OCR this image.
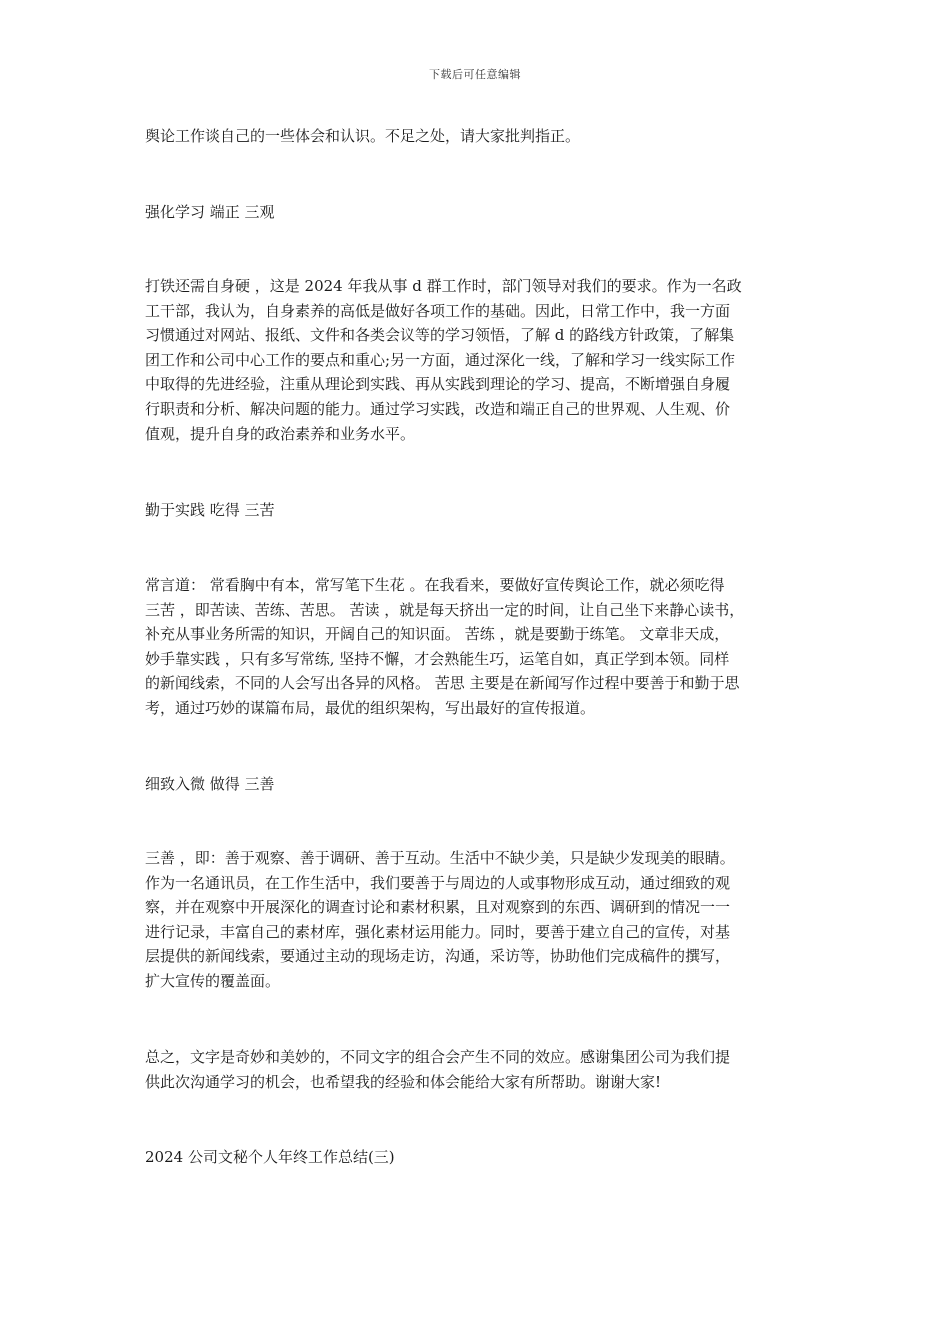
下载后可任意编辑
舆论工作谈自己的一些体会和认识。不足之处，请大家批判指正。
强化学习 端正 三观
打铁还需自身硬 ，这是 2024 年我从事 d 群工作时，部门领导对我们的要求。作为一名政
工干部，我认为，自身素养的高低是做好各项工作的基础。因此，日常工作中，我一方面
习惯通过对网站、报纸、文件和各类会议等的学习领悟，了解 d 的路线方针政策，了解集
团工作和公司中心工作的要点和重心;另一方面，通过深化一线，了解和学习一线实际工作
中取得的先进经验，注重从理论到实践、再从实践到理论的学习、提高，不断增强自身履
行职责和分析、解决问题的能力。通过学习实践，改造和端正自己的世界观、人生观、价
值观，提升自身的政治素养和业务水平。
勤于实践 吃得 三苦
常言道： 常看胸中有本，常写笔下生花 。在我看来，要做好宣传舆论工作，就必须吃得
三苦 ，即苦读、苦练、苦思。 苦读 ，就是每天挤出一定的时间，让自己坐下来静心读书，
补充从事业务所需的知识，开阔自己的知识面。 苦练 ，就是要勤于练笔。 文章非天成，
妙手靠实践 ，只有多写常练, 坚持不懈，才会熟能生巧，运笔自如，真正学到本领。同样
的新闻线索，不同的人会写出各异的风格。 苦思 主要是在新闻写作过程中要善于和勤于思
考，通过巧妙的谋篇布局，最优的组织架构，写出最好的宣传报道。
细致入微 做得 三善
三善 ，即：善于观察、善于调研、善于互动。生活中不缺少美，只是缺少发现美的眼睛。
作为一名通讯员，在工作生活中，我们要善于与周边的人或事物形成互动，通过细致的观
察，并在观察中开展深化的调查讨论和素材积累，且对观察到的东西、调研到的情况一一
进行记录，丰富自己的素材库，强化素材运用能力。同时，要善于建立自己的宣传，对基
层提供的新闻线索，要通过主动的现场走访，沟通，采访等，协助他们完成稿件的撰写，
扩大宣传的覆盖面。
总之，文字是奇妙和美妙的，不同文字的组合会产生不同的效应。感谢集团公司为我们提
供此次沟通学习的机会，也希望我的经验和体会能给大家有所帮助。谢谢大家!
2024 公司文秘个人年终工作总结(三)
